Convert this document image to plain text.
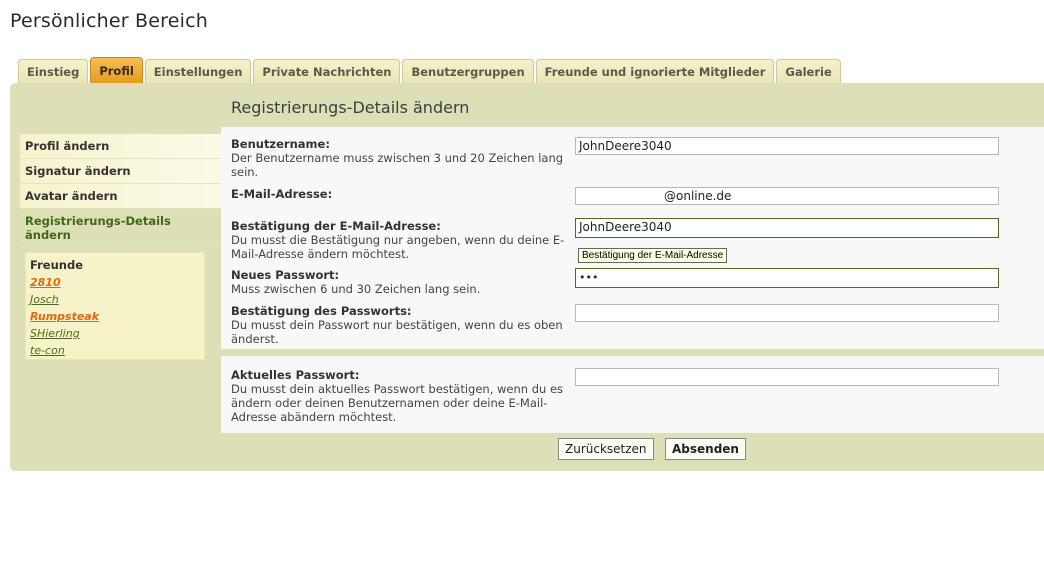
Persönlicher Bereich
Einstieg	Profil	Einstellungen	Private Nachrichten	Benutzergruppen	Freunde und ignorierte Mitglieder	Galerie
Registrierungs-Details ändern
Profil ändern
Signatur ändern
Avatar ändern
Registrierungs-Details ändern
Freunde
2810
Josch
Rumpsteak
SHierling
te-con
Benutzername:
Der Benutzername muss zwischen 3 und 20 Zeichen lang sein.
JohnDeere3040
E-Mail-Adresse:	@online.de
Bestätigung der E-Mail-Adresse:
Du musst die Bestätigung nur angeben, wenn du deine E-Mail-Adresse ändern möchtest.
JohnDeere3040
Bestätigung der E-Mail-Adresse
Neues Passwort:
Muss zwischen 6 und 30 Zeichen lang sein.
•••
Bestätigung des Passworts:
Du musst dein Passwort nur bestätigen, wenn du es oben änderst.
Aktuelles Passwort:
Du musst dein aktuelles Passwort bestätigen, wenn du es ändern oder deinen Benutzernamen oder deine E-Mail-Adresse abändern möchtest.
Zurücksetzen	Absenden
